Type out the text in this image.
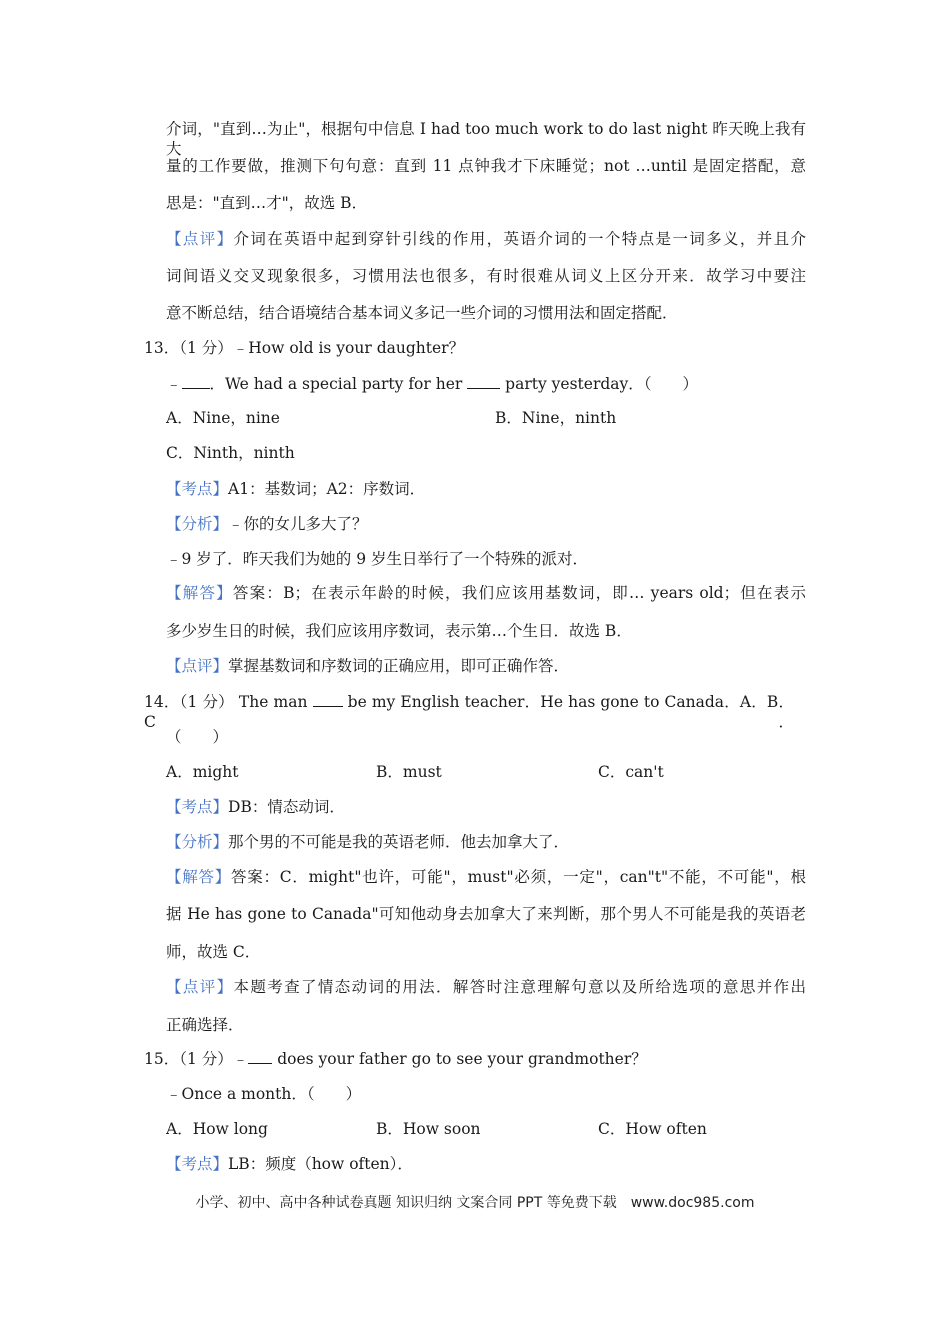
介词，"直到…为止"，根据句中信息 I had too much work to do last night 昨天晚上我有大
量的工作要做，推测下句句意：直到 11 点钟我才下床睡觉；not …until 是固定搭配，意
思是："直到…才"，故选 B．
【点评】介词在英语中起到穿针引线的作用，英语介词的一个特点是一词多义，并且介
词间语义交叉现象很多，习惯用法也很多，有时很难从词义上区分开来．故学习中要注
意不断总结，结合语境结合基本词义多记一些介词的习惯用法和固定搭配．
13．（1 分）﹣How old is your daughter？
﹣ ．We had a special party for her	party yesterday．（　　）
A．Nine，nine	B．Nine，ninth
C．Ninth，ninth
【考点】A1：基数词；A2：序数词．
【分析】﹣你的女儿多大了？
﹣9 岁了．昨天我们为她的 9 岁生日举行了一个特殊的派对．
【解答】答案：B；在表示年龄的时候，我们应该用基数词，即… years old；但在表示
多少岁生日的时候，我们应该用序数词，表示第…个生日．故选 B．
【点评】掌握基数词和序数词的正确应用，即可正确作答．
14．（1 分） The man	be my English teacher．He has gone to Canada．A．B．C．
（　　）
A．might	B．must	C．can't
【考点】DB：情态动词．
【分析】那个男的不可能是我的英语老师．他去加拿大了．
【解答】答案：C．might"也许，可能"，must"必须，一定"，can"t"不能，不可能"，根
据 He has gone to Canada"可知他动身去加拿大了来判断，那个男人不可能是我的英语老
师，故选 C．
【点评】本题考查了情态动词的用法．解答时注意理解句意以及所给选项的意思并作出
正确选择．
15．（1 分）﹣ does your father go to see your grandmother？
﹣Once a month．（　　）
A．How long	B．How soon	C．How often
【考点】LB：频度（how often）．
小学、初中、高中各种试卷真题 知识归纳 文案合同 PPT 等免费下载　www.doc985.com
